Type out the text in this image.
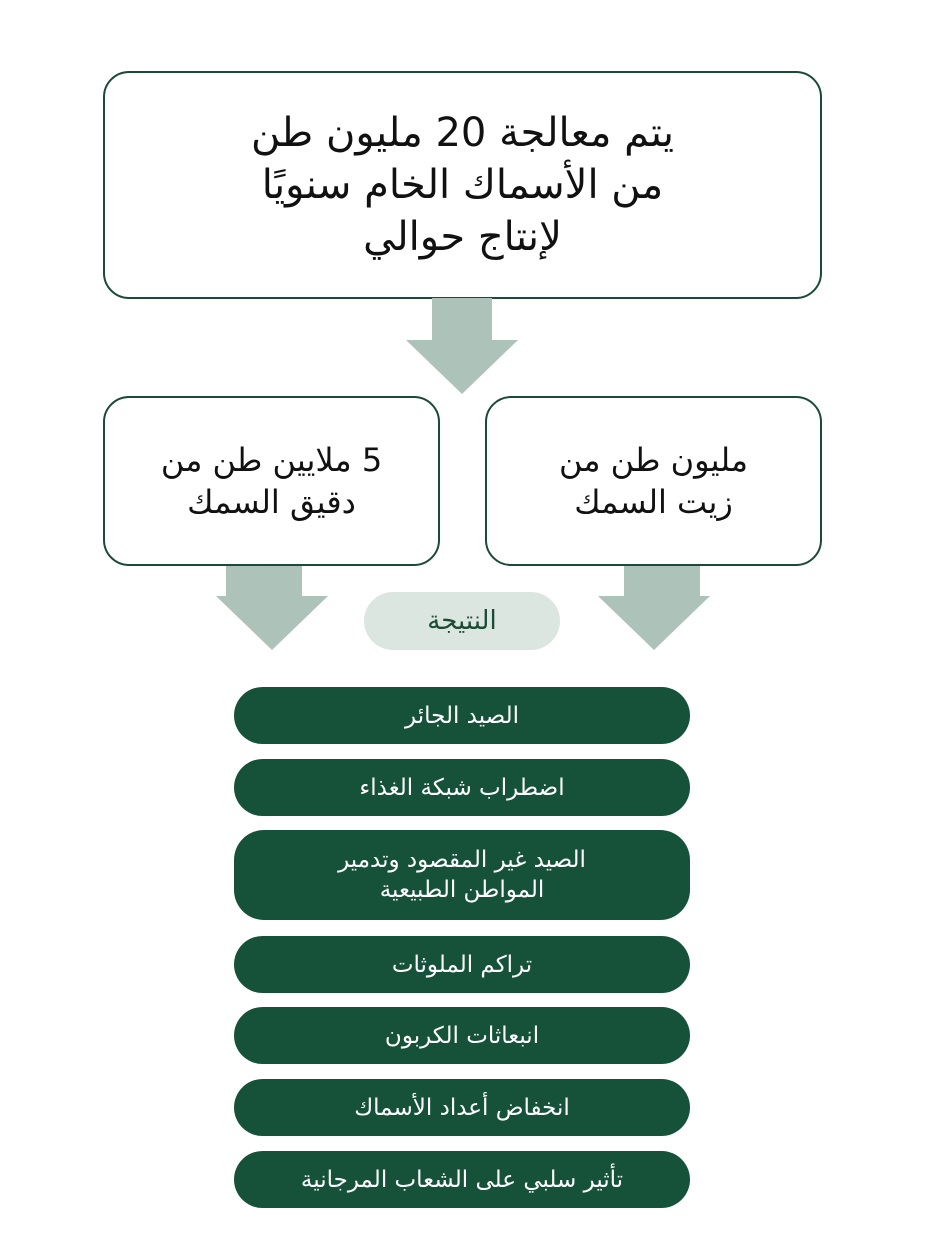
يتم معالجة 20 مليون طن
من الأسماك الخام سنويًا
لإنتاج حوالي
مليون طن من
زيت السمك
5 ملايين طن من
دقيق السمك
النتيجة
الصيد الجائر
اضطراب شبكة الغذاء
الصيد غير المقصود وتدمير
المواطن الطبيعية
تراكم الملوثات
انبعاثات الكربون
انخفاض أعداد الأسماك
تأثير سلبي على الشعاب المرجانية
